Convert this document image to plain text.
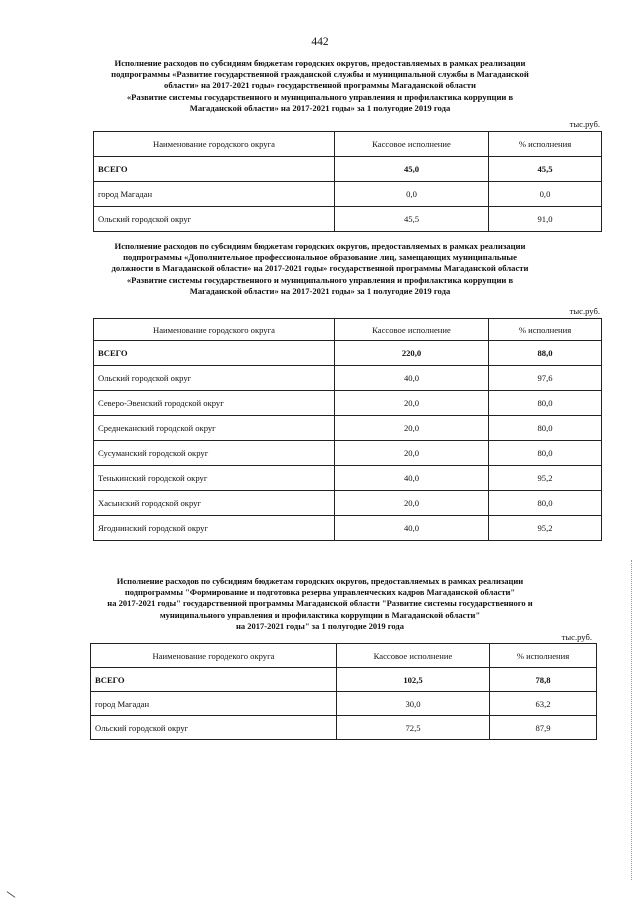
442
Исполнение расходов по субсидиям бюджетам городских округов, предоставляемых в рамках реализации
подпрограммы «Развитие государственной гражданской службы и муниципальной службы в Магаданской
области» на 2017-2021 годы» государственной программы Магаданской области
«Развитие системы государственного и муниципального управления и профилактика коррупции в
Магаданской области» на 2017-2021 годы» за 1 полугодие 2019 года
тыс.руб.
Наименование городского округа	Кассовое исполнение	% исполнения
ВСЕГО	45,0	45,5
город Магадан	0,0	0,0
Ольский городской округ	45,5	91,0
Исполнение расходов по субсидиям бюджетам городских округов, предоставляемых в рамках реализации
подпрограммы «Дополнительное профессиональное образование лиц, замещающих муниципальные
должности в Магаданской области» на 2017-2021 годы» государственной программы Магаданской области
«Развитие системы государственного и муниципального управления и профилактика коррупции в
Магаданской области» на 2017-2021 годы» за 1 полугодие 2019 года
тыс.руб.
Наименование городского округа	Кассовое исполнение	% исполнения
ВСЕГО	220,0	88,0
Ольский городской округ	40,0	97,6
Северо-Эвенский городской округ	20,0	80,0
Среднеканский городской округ	20,0	80,0
Сусуманский городской округ	20,0	80,0
Тенькинский городской округ	40,0	95,2
Хасынский городской округ	20,0	80,0
Ягоднинский городской округ	40,0	95,2
Исполнение расходов по субсидиям бюджетам городских округов, предоставляемых в рамках реализации
подпрограммы "Формирование и подготовка резерва управленческих кадров Магаданской области"
на 2017-2021 годы" государственной программы Магаданской области "Развитие системы государственного и
муниципального управления и профилактика коррупции в Магаданской области"
на 2017-2021 годы" за 1 полугодие 2019 года
тыс.руб.
Наименование городекого округа	Кассовое исполнение	% исполнения
ВСЕГО	102,5	78,8
город Магадан	30,0	63,2
Ольский городской округ	72,5	87,9
